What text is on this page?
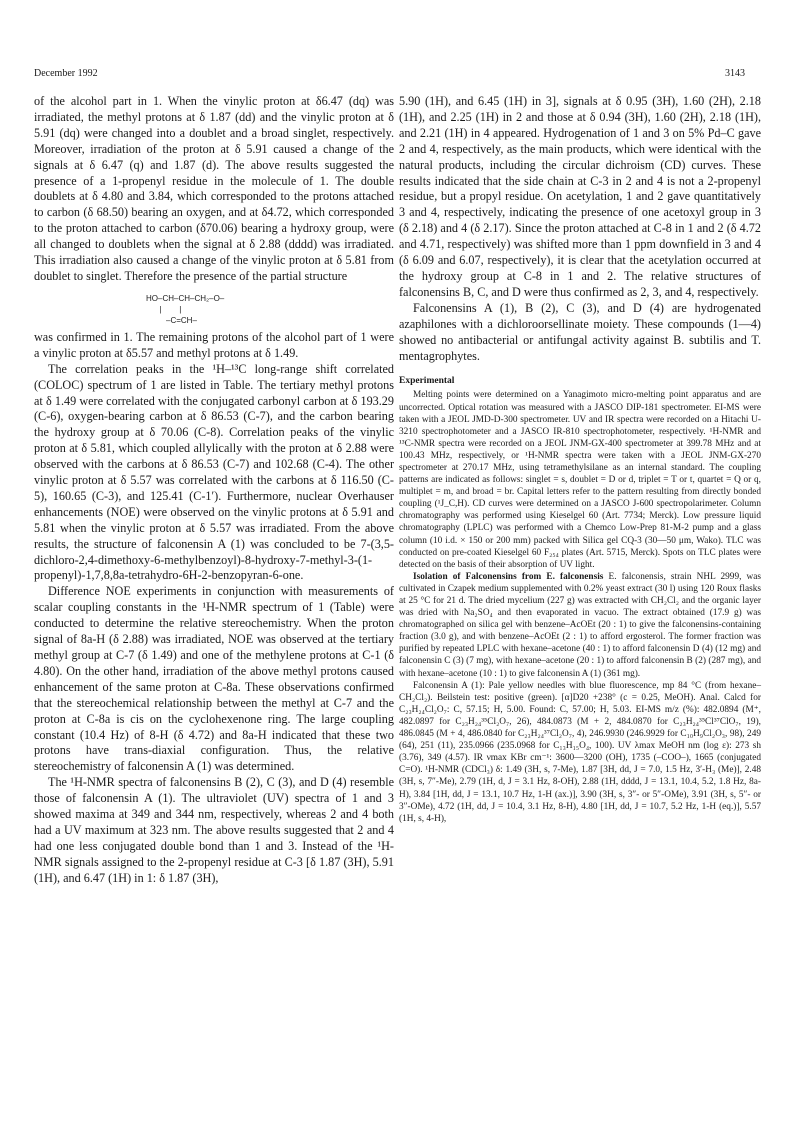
December 1992	3143

of the alcohol part in 1. When the vinylic proton at δ6.47 (dq) was irradiated, the methyl protons at δ 1.87 (dd) and the vinylic proton at δ 5.91 (dq) were changed into a doublet and a broad singlet, respectively. Moreover, irradiation of the proton at δ 5.91 caused a change of the signals at δ 6.47 (q) and 1.87 (d). The above results suggested the presence of a 1-propenyl residue in the molecule of 1. The double doublets at δ 4.80 and 3.84, which corresponded to the protons attached to carbon (δ 68.50) bearing an oxygen, and at δ4.72, which corresponded to the proton attached to carbon (δ70.06) bearing a hydroxy group, were all changed to doublets when the signal at δ 2.88 (dddd) was irradiated. This irradiation also caused a change of the vinylic proton at δ 5.81 from doublet to singlet. Therefore the presence of the partial structure

HO–CH–CH–CH₂–O–
|        |
–C=CH–

was confirmed in 1. The remaining protons of the alcohol part of 1 were a vinylic proton at δ5.57 and methyl protons at δ 1.49.

The correlation peaks in the ¹H–¹³C long-range shift correlated (COLOC) spectrum of 1 are listed in Table. The tertiary methyl protons at δ 1.49 were correlated with the conjugated carbonyl carbon at δ 193.29 (C-6), oxygen-bearing carbon at δ 86.53 (C-7), and the carbon bearing the hydroxy group at δ 70.06 (C-8). Correlation peaks of the vinylic proton at δ 5.81, which coupled allylically with the proton at δ 2.88 were observed with the carbons at δ 86.53 (C-7) and 102.68 (C-4). The other vinylic proton at δ 5.57 was correlated with the carbons at δ 116.50 (C-5), 160.65 (C-3), and 125.41 (C-1′). Furthermore, nuclear Overhauser enhancements (NOE) were observed on the vinylic protons at δ 5.91 and 5.81 when the vinylic proton at δ 5.57 was irradiated. From the above results, the structure of falconensin A (1) was concluded to be 7-(3,5-dichloro-2,4-dimethoxy-6-methylbenzoyl)-8-hydroxy-7-methyl-3-(1-propenyl)-1,7,8,8a-tetrahydro-6H-2-benzopyran-6-one.

Difference NOE experiments in conjunction with measurements of scalar coupling constants in the ¹H-NMR spectrum of 1 (Table) were conducted to determine the relative stereochemistry. When the proton signal of 8a-H (δ 2.88) was irradiated, NOE was observed at the tertiary methyl group at C-7 (δ 1.49) and one of the methylene protons at C-1 (δ 4.80). On the other hand, irradiation of the above methyl protons caused enhancement of the same proton at C-8a. These observations confirmed that the stereochemical relationship between the methyl at C-7 and the proton at C-8a is cis on the cyclohexenone ring. The large coupling constant (10.4 Hz) of 8-H (δ 4.72) and 8a-H indicated that these two protons have trans-diaxial configuration. Thus, the relative stereochemistry of falconensin A (1) was determined.

The ¹H-NMR spectra of falconensins B (2), C (3), and D (4) resemble those of falconensin A (1). The ultraviolet (UV) spectra of 1 and 3 showed maxima at 349 and 344 nm, respectively, whereas 2 and 4 both had a UV maximum at 323 nm. The above results suggested that 2 and 4 had one less conjugated double bond than 1 and 3. Instead of the ¹H-NMR signals assigned to the 2-propenyl residue at C-3 [δ 1.87 (3H), 5.91 (1H), and 6.47 (1H) in 1: δ 1.87 (3H),

5.90 (1H), and 6.45 (1H) in 3], signals at δ 0.95 (3H), 1.60 (2H), 2.18 (1H), and 2.25 (1H) in 2 and those at δ 0.94 (3H), 1.60 (2H), 2.18 (1H), and 2.21 (1H) in 4 appeared. Hydrogenation of 1 and 3 on 5% Pd–C gave 2 and 4, respectively, as the main products, which were identical with the natural products, including the circular dichroism (CD) curves. These results indicated that the side chain at C-3 in 2 and 4 is not a 2-propenyl residue, but a propyl residue. On acetylation, 1 and 2 gave quantitatively 3 and 4, respectively, indicating the presence of one acetoxyl group in 3 (δ 2.18) and 4 (δ 2.17). Since the proton attached at C-8 in 1 and 2 (δ 4.72 and 4.71, respectively) was shifted more than 1 ppm downfield in 3 and 4 (δ 6.09 and 6.07, respectively), it is clear that the acetylation occurred at the hydroxy group at C-8 in 1 and 2. The relative structures of falconensins B, C, and D were thus confirmed as 2, 3, and 4, respectively.

Falconensins A (1), B (2), C (3), and D (4) are hydrogenated azaphilones with a dichloroorsellinate moiety. These compounds (1—4) showed no antibacterial or antifungal activity against B. subtilis and T. mentagrophytes.

Experimental

Melting points were determined on a Yanagimoto micro-melting point apparatus and are uncorrected. Optical rotation was measured with a JASCO DIP-181 spectrometer. EI-MS were taken with a JEOL JMD-D-300 spectrometer. UV and IR spectra were recorded on a Hitachi U-3210 spectrophotometer and a JASCO IR-810 spectrophotometer, respectively. ¹H-NMR and ¹³C-NMR spectra were recorded on a JEOL JNM-GX-400 spectrometer at 399.78 MHz and at 100.43 MHz, respectively, or ¹H-NMR spectra were taken with a JEOL JNM-GX-270 spectrometer at 270.17 MHz, using tetramethylsilane as an internal standard. The coupling patterns are indicated as follows: singlet = s, doublet = D or d, triplet = T or t, quartet = Q or q, multiplet = m, and broad = br. Capital letters refer to the pattern resulting from directly bonded coupling (¹J_C,H). CD curves were determined on a JASCO J-600 spectropolarimeter. Column chromatography was performed using Kieselgel 60 (Art. 7734; Merck). Low pressure liquid chromatography (LPLC) was performed with a Chemco Low-Prep 81-M-2 pump and a glass column (10 i.d. × 150 or 200 mm) packed with Silica gel CQ-3 (30—50 μm, Wako). TLC was conducted on pre-coated Kieselgel 60 F₂₅₄ plates (Art. 5715, Merck). Spots on TLC plates were detected on the basis of their absorption of UV light.

Isolation of Falconensins from E. falconensis E. falconensis, strain NHL 2999, was cultivated in Czapek medium supplemented with 0.2% yeast extract (30 l) using 120 Roux flasks at 25 °C for 21 d. The dried mycelium (227 g) was extracted with CH₂Cl₂ and the organic layer was dried with Na₂SO₄ and then evaporated in vacuo. The extract obtained (17.9 g) was chromatographed on silica gel with benzene–AcOEt (20 : 1) to give the falconensins-containing fraction (3.0 g), and with benzene–AcOEt (2 : 1) to afford ergosterol. The former fraction was purified by repeated LPLC with hexane–acetone (40 : 1) to afford falconensin D (4) (12 mg) and falconensin C (3) (7 mg), with hexane–acetone (20 : 1) to afford falconensin B (2) (287 mg), and with hexane–acetone (10 : 1) to give falconensin A (1) (361 mg).

Falconensin A (1): Pale yellow needles with blue fluorescence, mp 84 °C (from hexane–CH₂Cl₂). Beilstein test: positive (green). [α]D20 +238° (c = 0.25, MeOH). Anal. Calcd for C₂₃H₂₄Cl₂O₇: C, 57.15; H, 5.00. Found: C, 57.00; H, 5.03. EI-MS m/z (%): 482.0894 (M⁺, 482.0897 for C₂₃H₂₄³⁵Cl₂O₇, 26), 484.0873 (M + 2, 484.0870 for C₂₃H₂₄³⁵Cl³⁷ClO₇, 19), 486.0845 (M + 4, 486.0840 for C₂₃H₂₄³⁷Cl₂O₇, 4), 246.9930 (246.9929 for C₁₀H₉Cl₂O₃, 98), 249 (64), 251 (11), 235.0966 (235.0968 for C₁₃H₁₅O₄, 100). UV λmax MeOH nm (log ε): 273 sh (3.76), 349 (4.57). IR νmax KBr cm⁻¹: 3600—3200 (OH), 1735 (–COO–), 1665 (conjugated C=O). ¹H-NMR (CDCl₃) δ: 1.49 (3H, s, 7-Me), 1.87 [3H, dd, J = 7.0, 1.5 Hz, 3′-H₃ (Me)], 2.48 (3H, s, 7″-Me), 2.79 (1H, d, J = 3.1 Hz, 8-OH), 2.88 (1H, dddd, J = 13.1, 10.4, 5.2, 1.8 Hz, 8a-H), 3.84 [1H, dd, J = 13.1, 10.7 Hz, 1-H (ax.)], 3.90 (3H, s, 3″- or 5″-OMe), 3.91 (3H, s, 5″- or 3″-OMe), 4.72 (1H, dd, J = 10.4, 3.1 Hz, 8-H), 4.80 [1H, dd, J = 10.7, 5.2 Hz, 1-H (eq.)], 5.57 (1H, s, 4-H),
